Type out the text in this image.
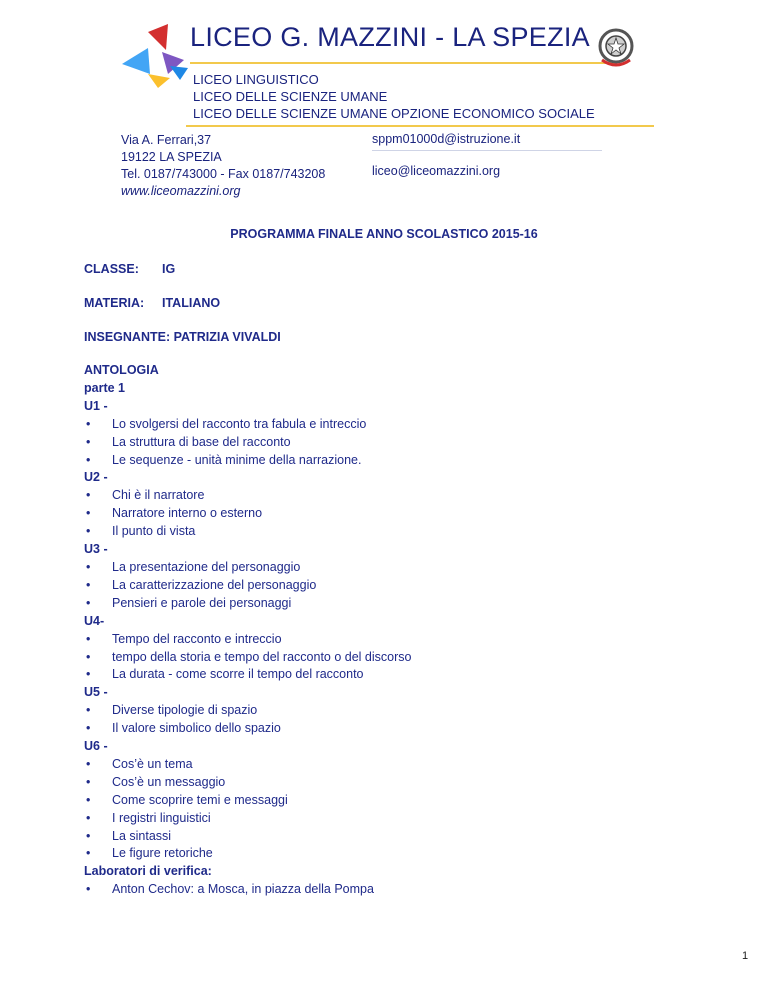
LICEO G. MAZZINI - LA SPEZIA
LICEO LINGUISTICO
LICEO DELLE SCIENZE UMANE
LICEO DELLE SCIENZE UMANE OPZIONE ECONOMICO SOCIALE
Via A. Ferrari,37
19122 LA SPEZIA
Tel. 0187/743000 - Fax 0187/743208
www.liceomazzini.org
sppm01000d@istruzione.it
liceo@liceomazzini.org
PROGRAMMA FINALE ANNO SCOLASTICO 2015-16
CLASSE: IG
MATERIA: ITALIANO
INSEGNANTE: PATRIZIA VIVALDI
ANTOLOGIA
parte 1
U1 -
• Lo svolgersi del racconto tra fabula e intreccio
• La struttura di base del racconto
• Le sequenze - unità minime della narrazione.
U2 -
• Chi è il narratore
• Narratore interno o esterno
• Il punto di vista
U3 -
• La presentazione del personaggio
• La caratterizzazione del personaggio
• Pensieri e parole dei personaggi
U4-
• Tempo del racconto e intreccio
• tempo della storia e tempo del racconto o del discorso
• La durata - come scorre il tempo del racconto
U5 -
• Diverse tipologie di spazio
• Il valore simbolico dello spazio
U6 -
• Cos’è un tema
• Cos’è un messaggio
• Come scoprire temi e messaggi
• I registri linguistici
• La sintassi
• Le figure retoriche
Laboratori di verifica:
• Anton Cechov: a Mosca, in piazza della Pompa
1
